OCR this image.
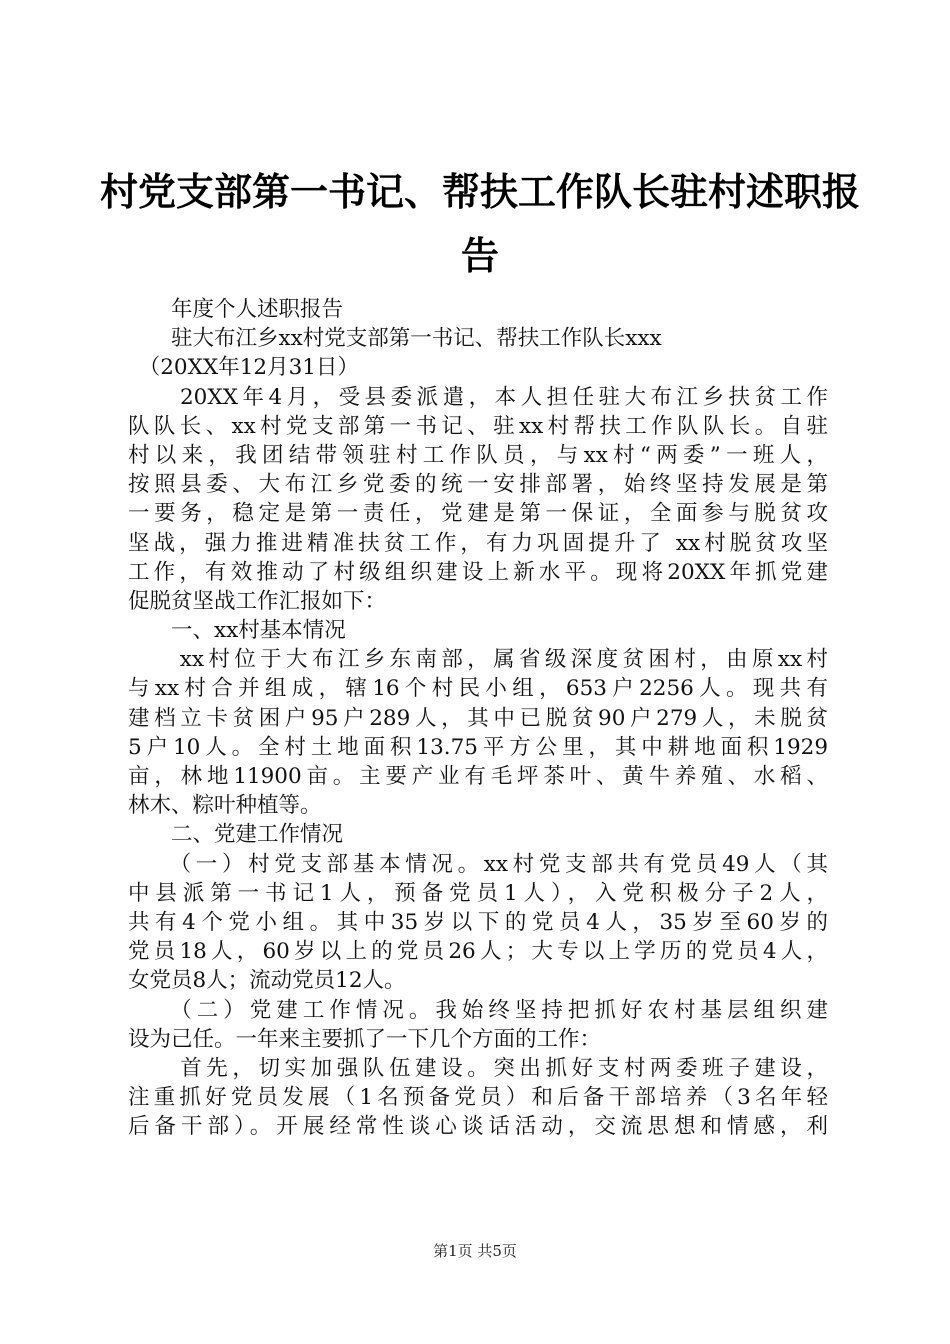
村党支部第一书记、帮扶工作队长驻村述职报
告
　　年度个人述职报告
　　驻大布江乡xx村党支部第一书记、帮扶工作队长xxx
　（20XX年12月31日）
　　20XX年4月，受县委派遣，本人担任驻大布江乡扶贫工作
队队长、xx村党支部第一书记、驻xx村帮扶工作队队长。自驻
村以来，我团结带领驻村工作队员，与xx村“两委”一班人，
按照县委、大布江乡党委的统一安排部署，始终坚持发展是第
一要务，稳定是第一责任，党建是第一保证，全面参与脱贫攻
坚战，强力推进精准扶贫工作，有力巩固提升了 xx村脱贫攻坚
工作，有效推动了村级组织建设上新水平。现将20XX年抓党建
促脱贫坚战工作汇报如下：
　　一、xx村基本情况
　　xx村位于大布江乡东南部，属省级深度贫困村，由原xx村
与xx村合并组成，辖16个村民小组，653户2256人。现共有
建档立卡贫困户95户289人，其中已脱贫90户279人，未脱贫
5户10人。全村土地面积13.75平方公里，其中耕地面积1929
亩，林地11900亩。主要产业有毛坪茶叶、黄牛养殖、水稻、
林木、粽叶种植等。
　　二、党建工作情况
　　（一）村党支部基本情况。xx村党支部共有党员49人（其
中县派第一书记1人，预备党员1人），入党积极分子2人，
共有4个党小组。其中35岁以下的党员4人，35岁至60岁的
党员18人，60岁以上的党员26人；大专以上学历的党员4人，
女党员8人；流动党员12人。
　　（二）党建工作情况。我始终坚持把抓好农村基层组织建
设为己任。一年来主要抓了一下几个方面的工作：
　　首先，切实加强队伍建设。突出抓好支村两委班子建设，
注重抓好党员发展（1名预备党员）和后备干部培养（3名年轻
后备干部）。开展经常性谈心谈话活动，交流思想和情感，利
第1页 共5页
